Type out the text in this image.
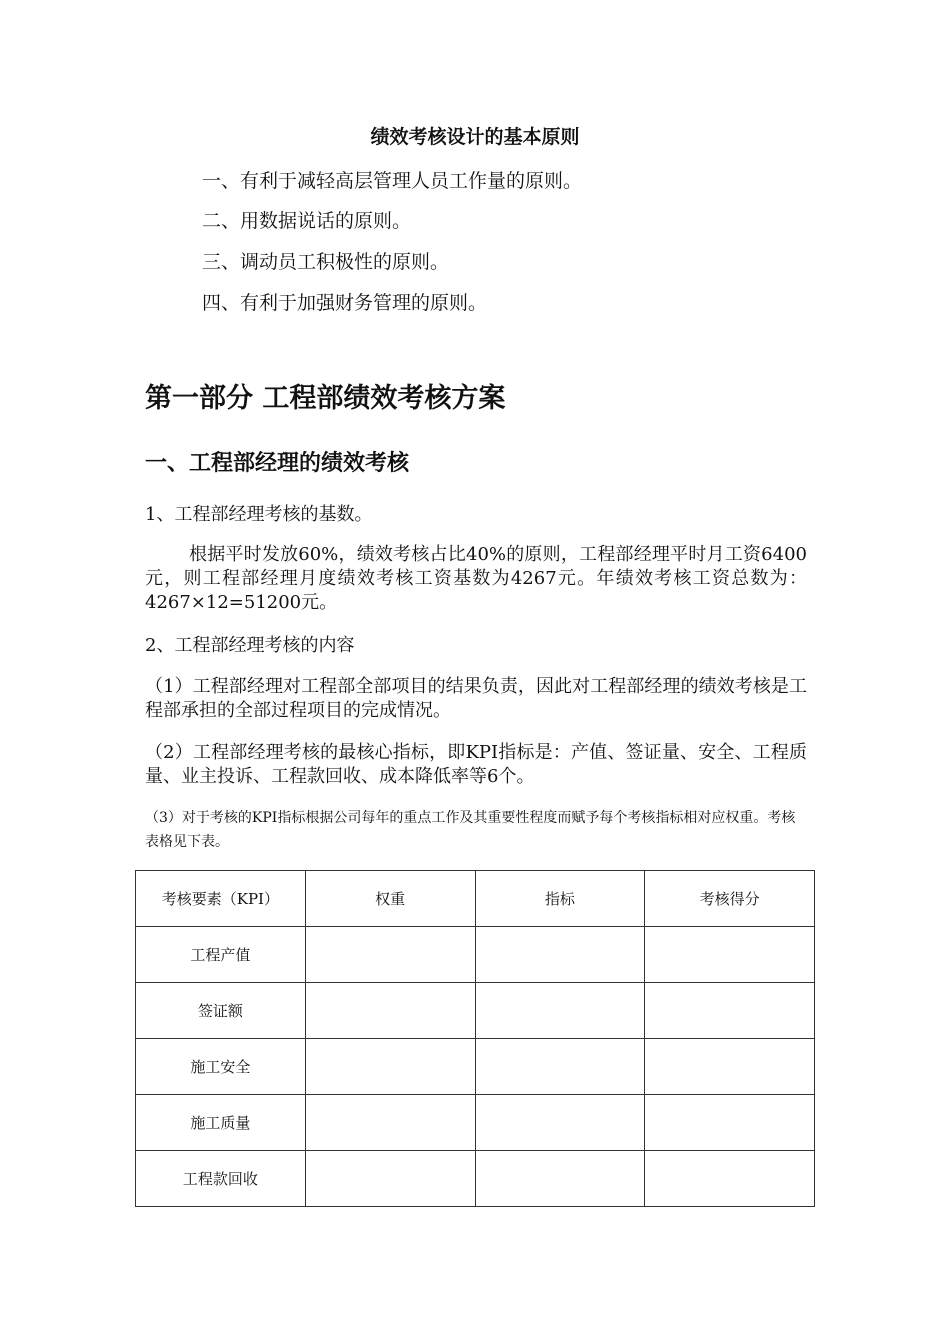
绩效考核设计的基本原则

一、有利于减轻高层管理人员工作量的原则。

二、用数据说话的原则。

三、调动员工积极性的原则。

四、有利于加强财务管理的原则。

第一部分 工程部绩效考核方案
一、工程部经理的绩效考核

1、工程部经理考核的基数。

根据平时发放60%，绩效考核占比40%的原则，工程部经理平时月工资6400元，则工程部经理月度绩效考核工资基数为4267元。年绩效考核工资总数为：4267×12=51200元。

2、工程部经理考核的内容

（1）工程部经理对工程部全部项目的结果负责，因此对工程部经理的绩效考核是工程部承担的全部过程项目的完成情况。

（2）工程部经理考核的最核心指标，即KPI指标是：产值、签证量、安全、工程质量、业主投诉、工程款回收、成本降低率等6个。

（3）对于考核的KPI指标根据公司每年的重点工作及其重要性程度而赋予每个考核指标相对应权重。考核表格见下表。

考核要素（KPI）	权重	指标	考核得分
工程产值			
签证额			
施工安全			
施工质量			
工程款回收			
